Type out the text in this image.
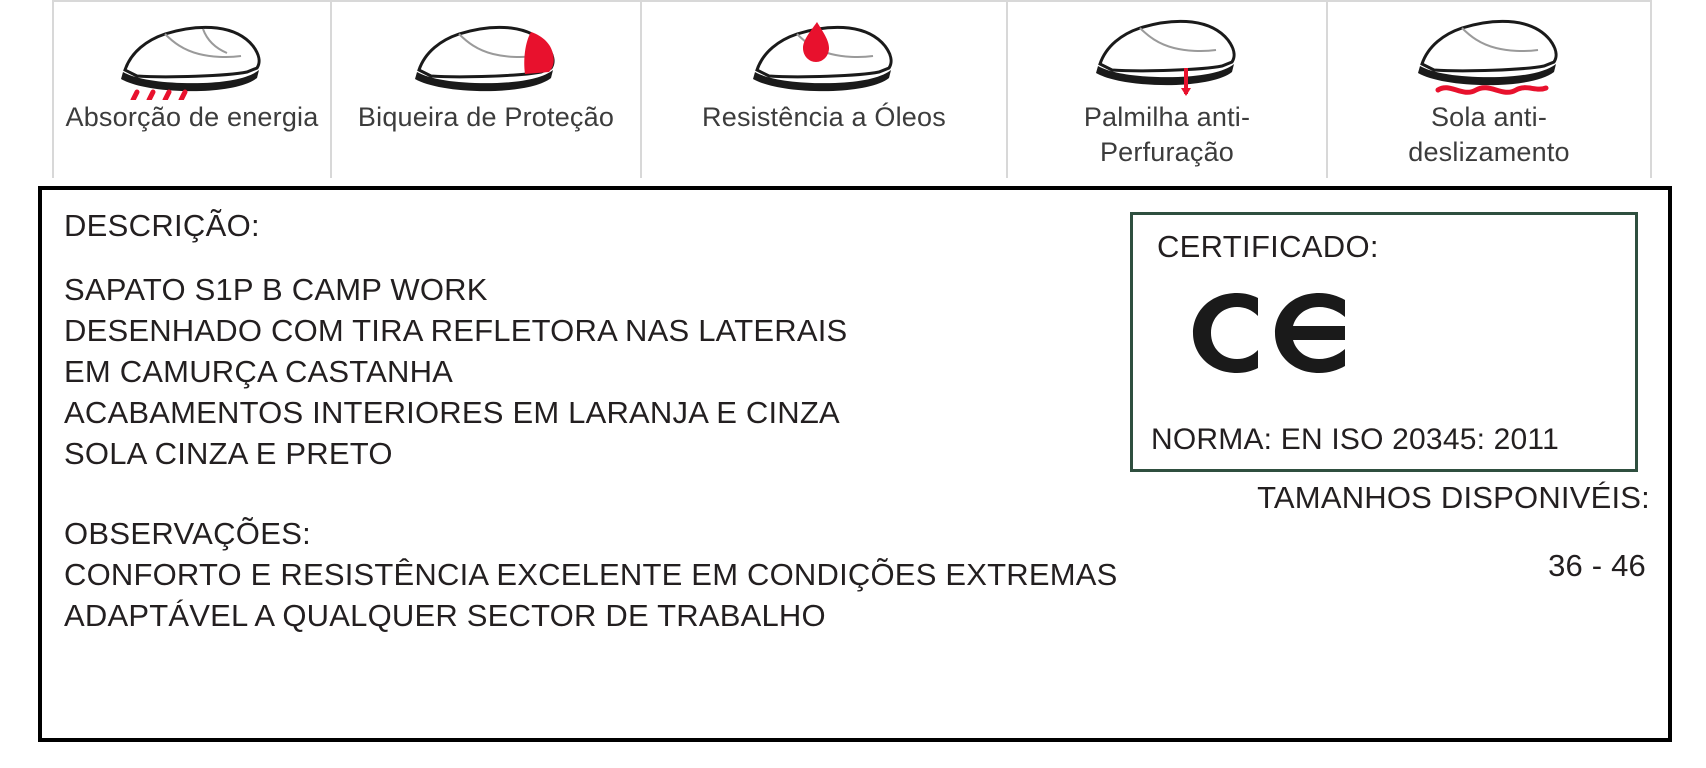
Absorção de energia Biqueira de Proteção	Resistência a Óleos	Palmilha anti-Perfuração
Sola anti-deslizamento
DESCRIÇÃO:
SAPATO S1P B CAMP WORK
DESENHADO COM TIRA REFLETORA NAS LATERAIS
EM CAMURÇA CASTANHA
ACABAMENTOS INTERIORES EM LARANJA E CINZA
SOLA CINZA E PRETO
OBSERVAÇÕES:
CONFORTO E RESISTÊNCIA EXCELENTE EM CONDIÇÕES EXTREMAS
ADAPTÁVEL A QUALQUER SECTOR DE TRABALHO
CERTIFICADO:
NORMA: EN ISO 20345: 2011
TAMANHOS DISPONIVÉIS:
36 - 46
